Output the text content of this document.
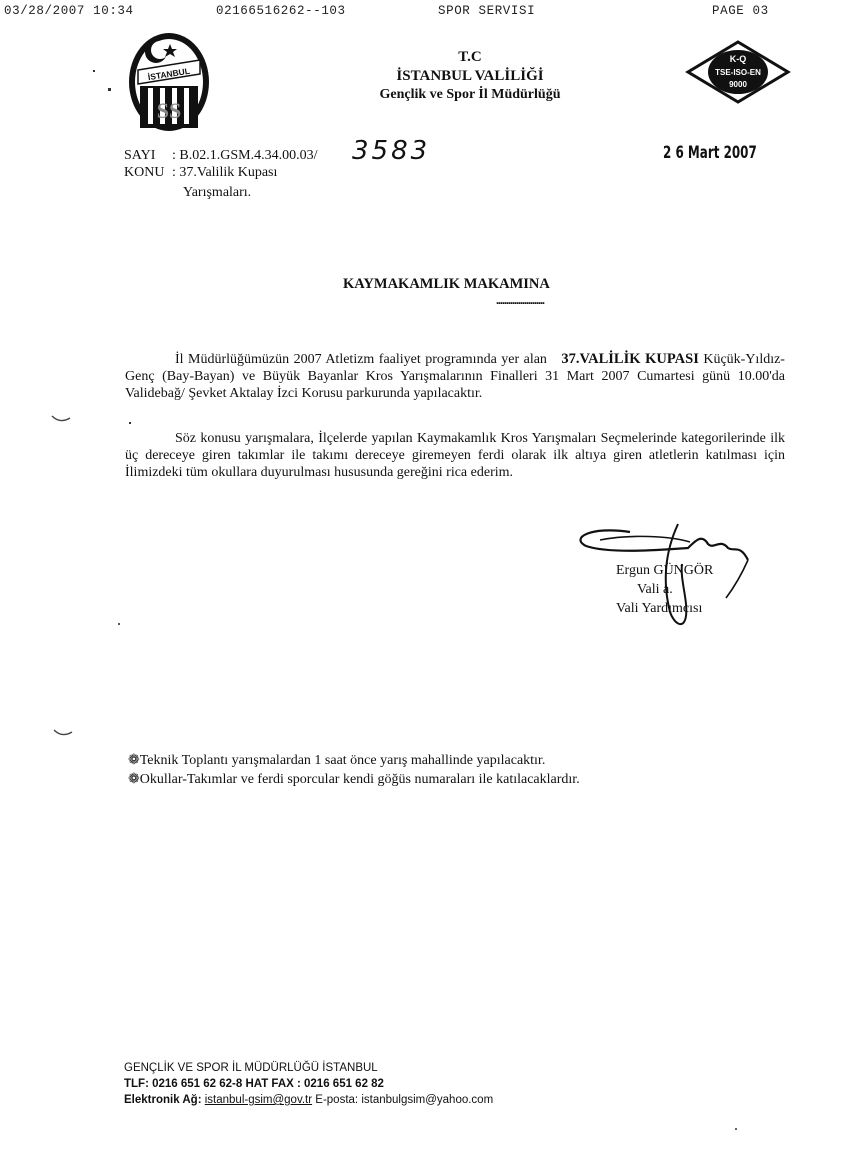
03/28/2007 10:34	02166516262--103	SPOR SERVISI	PAGE 03
İSTANBUL
SS
T.C
İSTANBUL VALİLİĞİ
Gençlik ve Spor İl Müdürlüğü
K-Q
TSE-ISO-EN
9000
SAYI : B.02.1.GSM.4.34.00.03/ 3583
KONU : 37.Valilik Kupası
Yarışmaları.
2 6 Mart 2007
KAYMAKAMLIK MAKAMINA
........................

İl Müdürlüğümüzün 2007 Atletizm faaliyet programında yer alan 37.VALİLİK KUPASI Küçük-Yıldız-Genç (Bay-Bayan) ve Büyük Bayanlar Kros Yarışmalarının Finalleri 31 Mart 2007 Cumartesi günü 10.00'da Validebağ/ Şevket Aktalay İzci Korusu parkurunda yapılacaktır.

Söz konusu yarışmalara, İlçelerde yapılan Kaymakamlık Kros Yarışmaları Seçmelerinde kategorilerinde ilk üç dereceye giren takımlar ile takımı dereceye giremeyen ferdi olarak ilk altıya giren atletlerin katılması için İlimizdeki tüm okullara duyurulması hususunda gereğini rica ederim.

Ergun GÜNGÖR
Vali a.
Vali Yardımcısı
❁Teknik Toplantı yarışmalardan 1 saat önce yarış mahallinde yapılacaktır.
❁Okullar-Takımlar ve ferdi sporcular kendi göğüs numaraları ile katılacaklardır.
GENÇLİK VE SPOR İL MÜDÜRLÜĞÜ İSTANBUL
TLF: 0216 651 62 62-8 HAT FAX : 0216 651 62 82
Elektronik Ağ: istanbul-gsim@gov.tr E-posta: istanbulgsim@yahoo.com
